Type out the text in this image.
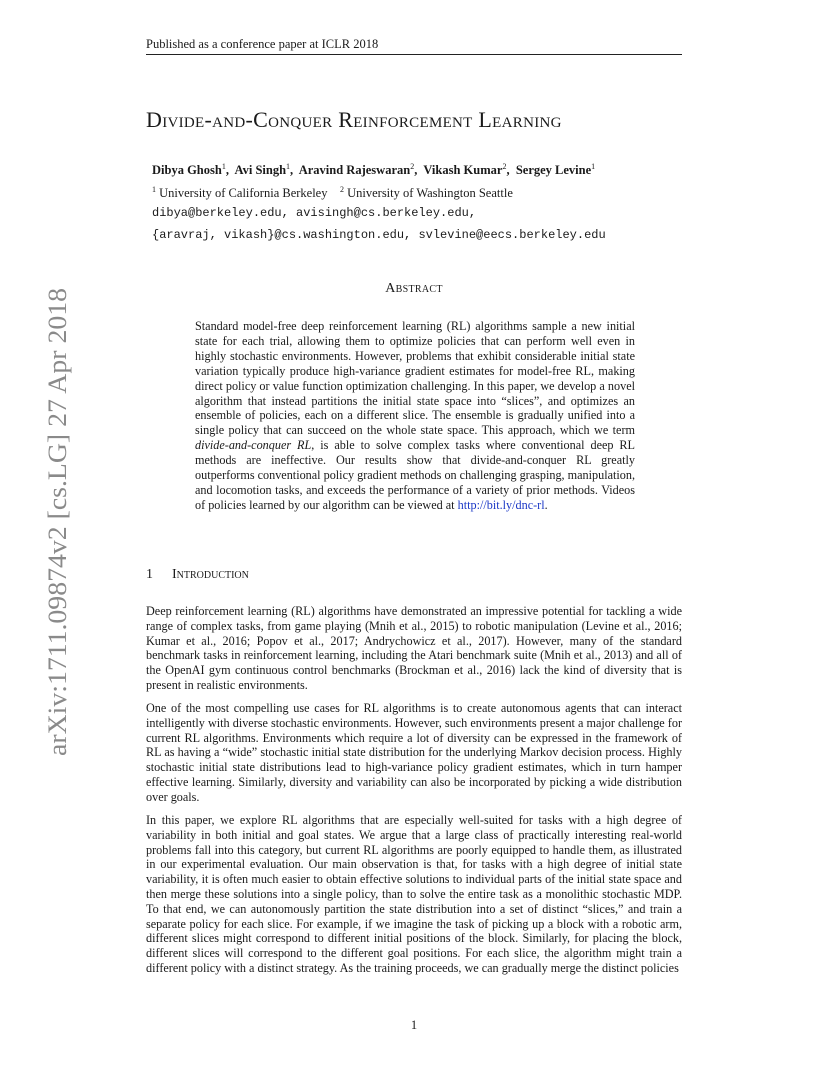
Published as a conference paper at ICLR 2018
Divide-and-Conquer Reinforcement Learning
Dibya Ghosh$^1$,  Avi Singh$^1$,  Aravind Rajeswaran$^2$,  Vikash Kumar$^2$,  Sergey Levine$^1$
$^1$ University of California Berkeley $^2$ University of Washington Seattle
dibya@berkeley.edu, avisingh@cs.berkeley.edu,
{aravraj, vikash}@cs.washington.edu, svlevine@eecs.berkeley.edu
Abstract

Standard model-free deep reinforcement learning (RL) algorithms sample a new initial state for each trial, allowing them to optimize policies that can perform well even in highly stochastic environments. However, problems that exhibit considerable initial state variation typically produce high-variance gradient estimates for model-free RL, making direct policy or value function optimization challenging. In this paper, we develop a novel algorithm that instead partitions the initial state space into “slices”, and optimizes an ensemble of policies, each on a different slice. The ensemble is gradually unified into a single policy that can succeed on the whole state space. This approach, which we term divide-and-conquer RL, is able to solve complex tasks where conventional deep RL methods are ineffective. Our results show that divide-and-conquer RL greatly outperforms conventional policy gradient methods on challenging grasping, manipulation, and locomotion tasks, and exceeds the performance of a variety of prior methods. Videos of policies learned by our algorithm can be viewed at http://bit.ly/dnc-rl.

1 Introduction

Deep reinforcement learning (RL) algorithms have demonstrated an impressive potential for tackling a wide range of complex tasks, from game playing (Mnih et al., 2015) to robotic manipulation (Levine et al., 2016; Kumar et al., 2016; Popov et al., 2017; Andrychowicz et al., 2017). However, many of the standard benchmark tasks in reinforcement learning, including the Atari benchmark suite (Mnih et al., 2013) and all of the OpenAI gym continuous control benchmarks (Brockman et al., 2016) lack the kind of diversity that is present in realistic environments.

One of the most compelling use cases for RL algorithms is to create autonomous agents that can interact intelligently with diverse stochastic environments. However, such environments present a major challenge for current RL algorithms. Environments which require a lot of diversity can be expressed in the framework of RL as having a “wide” stochastic initial state distribution for the underlying Markov decision process. Highly stochastic initial state distributions lead to high-variance policy gradient estimates, which in turn hamper effective learning. Similarly, diversity and variability can also be incorporated by picking a wide distribution over goals.

In this paper, we explore RL algorithms that are especially well-suited for tasks with a high degree of variability in both initial and goal states. We argue that a large class of practically interesting real-world problems fall into this category, but current RL algorithms are poorly equipped to handle them, as illustrated in our experimental evaluation. Our main observation is that, for tasks with a high degree of initial state variability, it is often much easier to obtain effective solutions to individual parts of the initial state space and then merge these solutions into a single policy, than to solve the entire task as a monolithic stochastic MDP. To that end, we can autonomously partition the state distribution into a set of distinct “slices,” and train a separate policy for each slice. For example, if we imagine the task of picking up a block with a robotic arm, different slices might correspond to different initial positions of the block. Similarly, for placing the block, different slices will correspond to the different goal positions. For each slice, the algorithm might train a different policy with a distinct strategy. As the training proceeds, we can gradually merge the distinct policies

1
arXiv:1711.09874v2 [cs.LG] 27 Apr 2018
